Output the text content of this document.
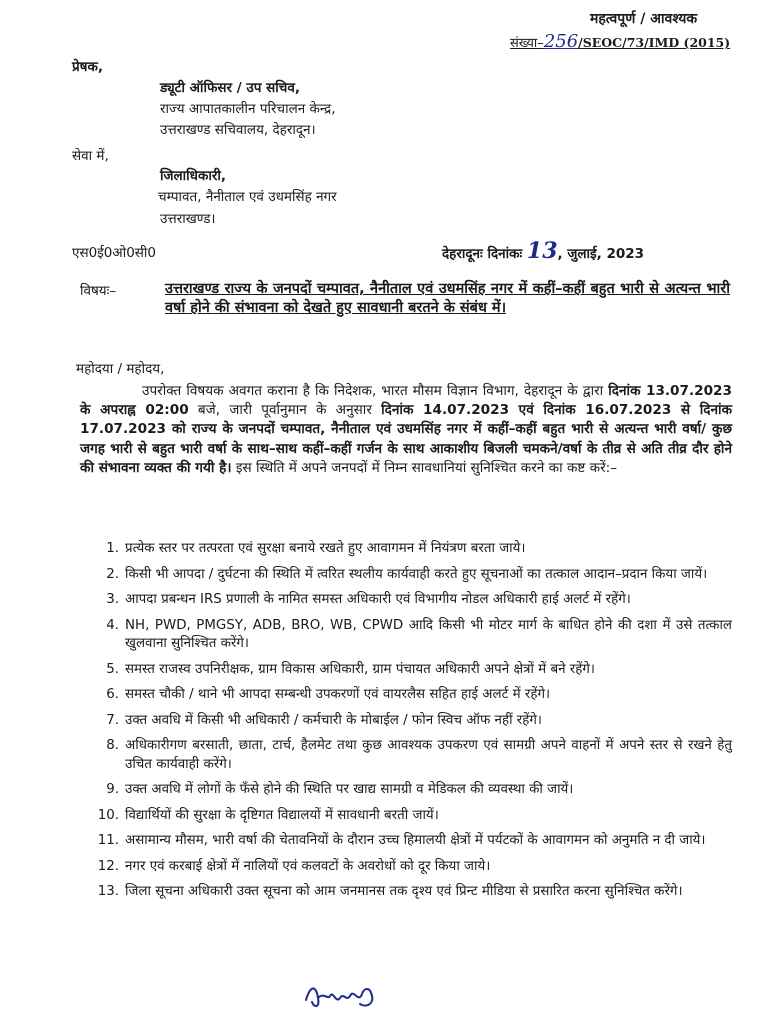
महत्वपूर्ण / आवश्यक
संख्या–256/SEOC/73/IMD (2015)
प्रेषक,
ड्यूटी ऑफिसर / उप सचिव,
राज्य आपातकालीन परिचालन केन्द्र,
उत्तराखण्ड सचिवालय, देहरादून।
सेवा में,
जिलाधिकारी,
चम्पावत, नैनीताल एवं उधमसिंह नगर
उत्तराखण्ड।
एस0ई0ओ0सी0	देहरादूनः दिनांकः 13, जुलाई, 2023
विषयः–	उत्तराखण्ड राज्य के जनपदों चम्पावत, नैनीताल एवं उधमसिंह नगर में कहीं–कहीं बहुत भारी से अत्यन्त भारी वर्षा होने की संभावना को देखते हुए सावधानी बरतने के संबंध में।
महोदया / महोदय,
उपरोक्त विषयक अवगत कराना है कि निदेशक, भारत मौसम विज्ञान विभाग, देहरादून के द्वारा दिनांक 13.07.2023 के अपराह्न 02:00 बजे, जारी पूर्वानुमान के अनुसार दिनांक 14.07.2023 एवं दिनांक 16.07.2023 से दिनांक 17.07.2023 को राज्य के जनपदों चम्पावत, नैनीताल एवं उधमसिंह नगर में कहीं–कहीं बहुत भारी से अत्यन्त भारी वर्षा/ कुछ जगह भारी से बहुत भारी वर्षा के साथ–साथ कहीं–कहीं गर्जन के साथ आकाशीय बिजली चमकने/वर्षा के तीव्र से अति तीव्र दौर होने की संभावना व्यक्त की गयी है। इस स्थिति में अपने जनपदों में निम्न सावधानियां सुनिश्चित करने का कष्ट करें:–
1. प्रत्येक स्तर पर तत्परता एवं सुरक्षा बनाये रखते हुए आवागमन में नियंत्रण बरता जाये।
2. किसी भी आपदा / दुर्घटना की स्थिति में त्वरित स्थलीय कार्यवाही करते हुए सूचनाओं का तत्काल आदान–प्रदान किया जायें।
3. आपदा प्रबन्धन IRS प्रणाली के नामित समस्त अधिकारी एवं विभागीय नोडल अधिकारी हाई अलर्ट में रहेंगे।
4. NH, PWD, PMGSY, ADB, BRO, WB, CPWD आदि किसी भी मोटर मार्ग के बाधित होने की दशा में उसे तत्काल खुलवाना सुनिश्चित करेंगे।
5. समस्त राजस्व उपनिरीक्षक, ग्राम विकास अधिकारी, ग्राम पंचायत अधिकारी अपने क्षेत्रों में बने रहेंगे।
6. समस्त चौकी / थाने भी आपदा सम्बन्धी उपकरणों एवं वायरलैस सहित हाई अलर्ट में रहेंगे।
7. उक्त अवधि में किसी भी अधिकारी / कर्मचारी के मोबाईल / फोन स्विच ऑफ नहीं रहेंगे।
8. अधिकारीगण बरसाती, छाता, टार्च, हैलमेट तथा कुछ आवश्यक उपकरण एवं सामग्री अपने वाहनों में अपने स्तर से रखने हेतु उचित कार्यवाही करेंगे।
9. उक्त अवधि में लोगों के फँसे होने की स्थिति पर खाद्य सामग्री व मेडिकल की व्यवस्था की जायें।
10. विद्यार्थियों की सुरक्षा के दृष्टिगत विद्यालयों में सावधानी बरती जायें।
11. असामान्य मौसम, भारी वर्षा की चेतावनियों के दौरान उच्च हिमालयी क्षेत्रों में पर्यटकों के आवागमन को अनुमति न दी जाये।
12. नगर एवं करबाई क्षेत्रों में नालियों एवं कलवटों के अवरोधों को दूर किया जाये।
13. जिला सूचना अधिकारी उक्त सूचना को आम जनमानस तक दृश्य एवं प्रिन्ट मीडिया से प्रसारित करना सुनिश्चित करेंगे।
